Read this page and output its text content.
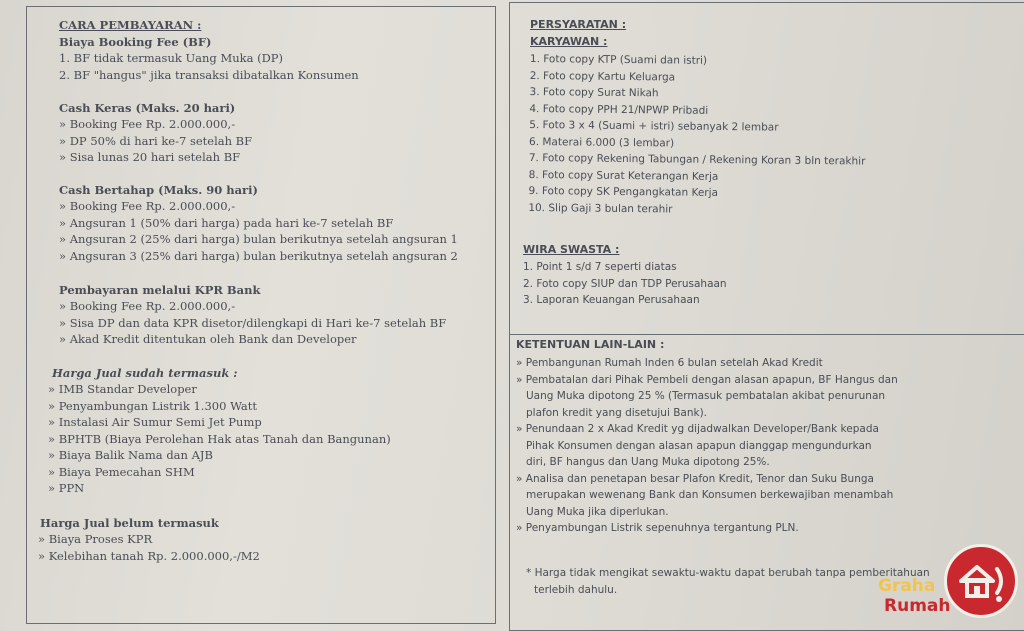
CARA PEMBAYARAN :
Biaya Booking Fee (BF)
1. BF tidak termasuk Uang Muka (DP)
2. BF "hangus" jika transaksi dibatalkan Konsumen
Cash Keras (Maks. 20 hari)
» Booking Fee Rp. 2.000.000,-
» DP 50% di hari ke-7 setelah BF
» Sisa lunas 20 hari setelah BF
Cash Bertahap (Maks. 90 hari)
» Booking Fee Rp. 2.000.000,-
» Angsuran 1 (50% dari harga) pada hari ke-7 setelah BF
» Angsuran 2 (25% dari harga) bulan berikutnya setelah angsuran 1
» Angsuran 3 (25% dari harga) bulan berikutnya setelah angsuran 2
Pembayaran melalui KPR Bank
» Booking Fee Rp. 2.000.000,-
» Sisa DP dan data KPR disetor/dilengkapi di Hari ke-7 setelah BF
» Akad Kredit ditentukan oleh Bank dan Developer
Harga Jual sudah termasuk :
» IMB Standar Developer
» Penyambungan Listrik 1.300 Watt
» Instalasi Air Sumur Semi Jet Pump
» BPHTB (Biaya Perolehan Hak atas Tanah dan Bangunan)
» Biaya Balik Nama dan AJB
» Biaya Pemecahan SHM
» PPN
Harga Jual belum termasuk
» Biaya Proses KPR
» Kelebihan tanah Rp. 2.000.000,-/M2
PERSYARATAN :
KARYAWAN :
1. Foto copy KTP (Suami dan istri)
2. Foto copy Kartu Keluarga
3. Foto copy Surat Nikah
4. Foto copy PPH 21/NPWP Pribadi
5. Foto 3 x 4 (Suami + istri) sebanyak 2 lembar
6. Materai 6.000 (3 lembar)
7. Foto copy Rekening Tabungan / Rekening Koran 3 bln terakhir
8. Foto copy Surat Keterangan Kerja
9. Foto copy SK Pengangkatan Kerja
10. Slip Gaji 3 bulan terahir
WIRA SWASTA :
1. Point 1 s/d 7 seperti diatas
2. Foto copy SIUP dan TDP Perusahaan
3. Laporan Keuangan Perusahaan
KETENTUAN LAIN-LAIN :
» Pembangunan Rumah Inden 6 bulan setelah Akad Kredit
» Pembatalan dari Pihak Pembeli dengan alasan apapun, BF Hangus dan
Uang Muka dipotong 25 % (Termasuk pembatalan akibat penurunan
plafon kredit yang disetujui Bank).
» Penundaan 2 x Akad Kredit yg dijadwalkan Developer/Bank kepada
Pihak Konsumen dengan alasan apapun dianggap mengundurkan
diri, BF hangus dan Uang Muka dipotong 25%.
» Analisa dan penetapan besar Plafon Kredit, Tenor dan Suku Bunga
merupakan wewenang Bank dan Konsumen berkewajiban menambah
Uang Muka jika diperlukan.
» Penyambungan Listrik sepenuhnya tergantung PLN.
* Harga tidak mengikat sewaktu-waktu dapat berubah tanpa pemberitahuan
terlebih dahulu.	Graha
Rumah
